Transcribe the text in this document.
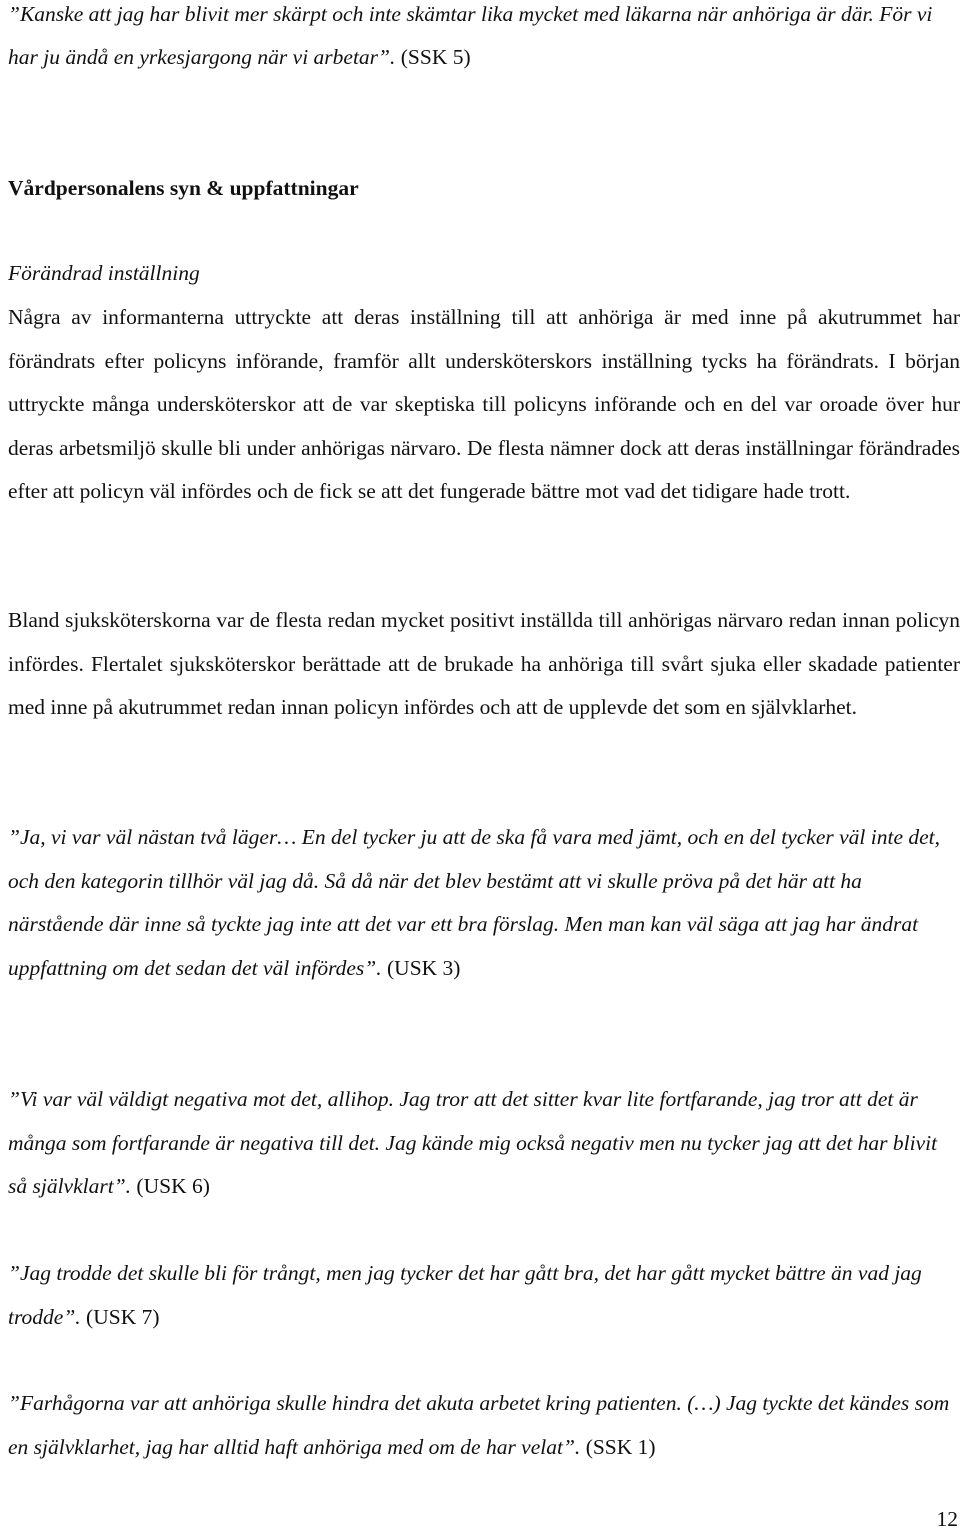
”Kanske att jag har blivit mer skärpt och inte skämtar lika mycket med läkarna när anhöriga är där. För vi har ju ändå en yrkesjargong när vi arbetar”. (SSK 5)

Vårdpersonalens syn & uppfattningar

Förändrad inställning

Några av informanterna uttryckte att deras inställning till att anhöriga är med inne på akutrummet har förändrats efter policyns införande, framför allt undersköterskors inställning tycks ha förändrats. I början uttryckte många undersköterskor att de var skeptiska till policyns införande och en del var oroade över hur deras arbetsmiljö skulle bli under anhörigas närvaro. De flesta nämner dock att deras inställningar förändrades efter att policyn väl infördes och de fick se att det fungerade bättre mot vad det tidigare hade trott.

Bland sjuksköterskorna var de flesta redan mycket positivt inställda till anhörigas närvaro redan innan policyn infördes. Flertalet sjuksköterskor berättade att de brukade ha anhöriga till svårt sjuka eller skadade patienter med inne på akutrummet redan innan policyn infördes och att de upplevde det som en självklarhet.

”Ja, vi var väl nästan två läger… En del tycker ju att de ska få vara med jämt, och en del tycker väl inte det, och den kategorin tillhör väl jag då. Så då när det blev bestämt att vi skulle pröva på det här att ha närstående där inne så tyckte jag inte att det var ett bra förslag. Men man kan väl säga att jag har ändrat uppfattning om det sedan det väl infördes”. (USK 3)

”Vi var väl väldigt negativa mot det, allihop. Jag tror att det sitter kvar lite fortfarande, jag tror att det är många som fortfarande är negativa till det. Jag kände mig också negativ men nu tycker jag att det har blivit så självklart”. (USK 6)

”Jag trodde det skulle bli för trångt, men jag tycker det har gått bra, det har gått mycket bättre än vad jag trodde”. (USK 7)

”Farhågorna var att anhöriga skulle hindra det akuta arbetet kring patienten. (…) Jag tyckte det kändes som en självklarhet, jag har alltid haft anhöriga med om de har velat”. (SSK 1)

12
